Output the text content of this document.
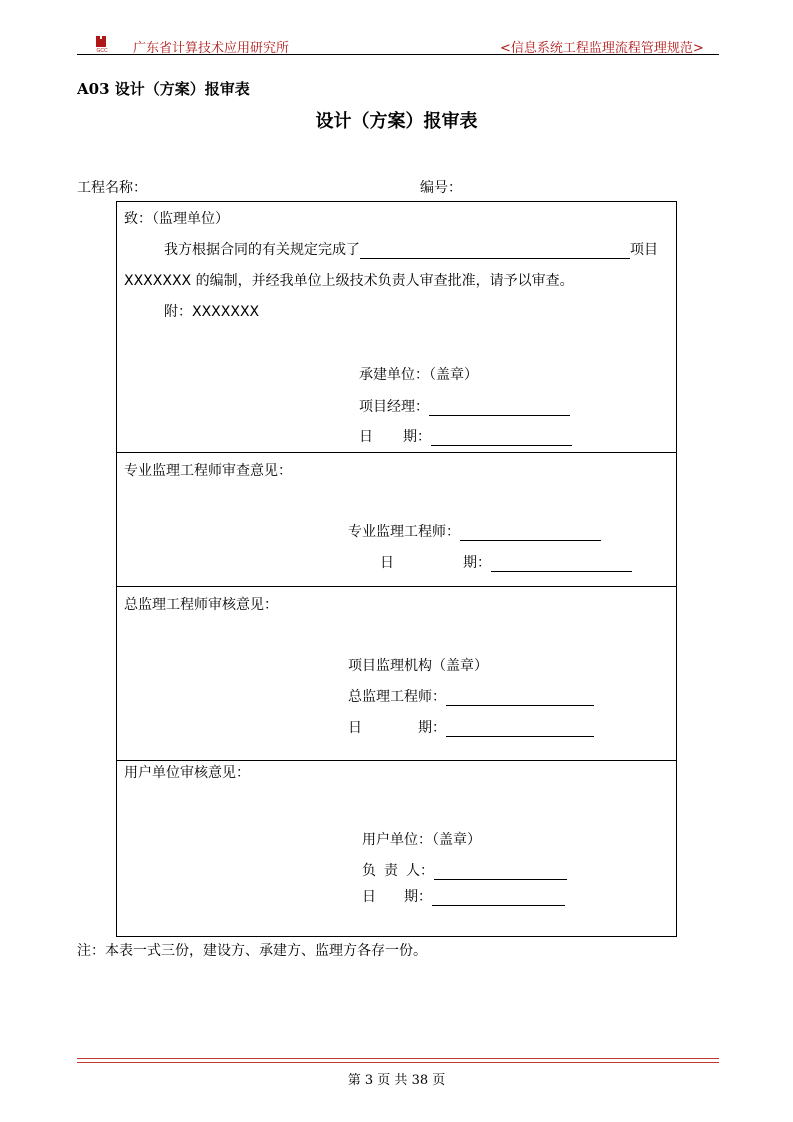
GCC 广东省计算技术应用研究所	<信息系统工程监理流程管理规范>
A03 设计（方案）报审表
设计（方案）报审表
工程名称：	编号：
致：（监理单位）
我方根据合同的有关规定完成了	项目
XXXXXXX 的编制，并经我单位上级技术负责人审查批准，请予以审查。
附：XXXXXXX
承建单位：（盖章）
项目经理：
日 期：
专业监理工程师审查意见：
专业监理工程师：
日	期：
总监理工程师审核意见：
项目监理机构（盖章）
总监理工程师：
日	期：
用户单位审核意见：
用户单位：（盖章）
负 责 人：
日 期：
注：本表一式三份，建设方、承建方、监理方各存一份。
第 3 页 共 38 页
